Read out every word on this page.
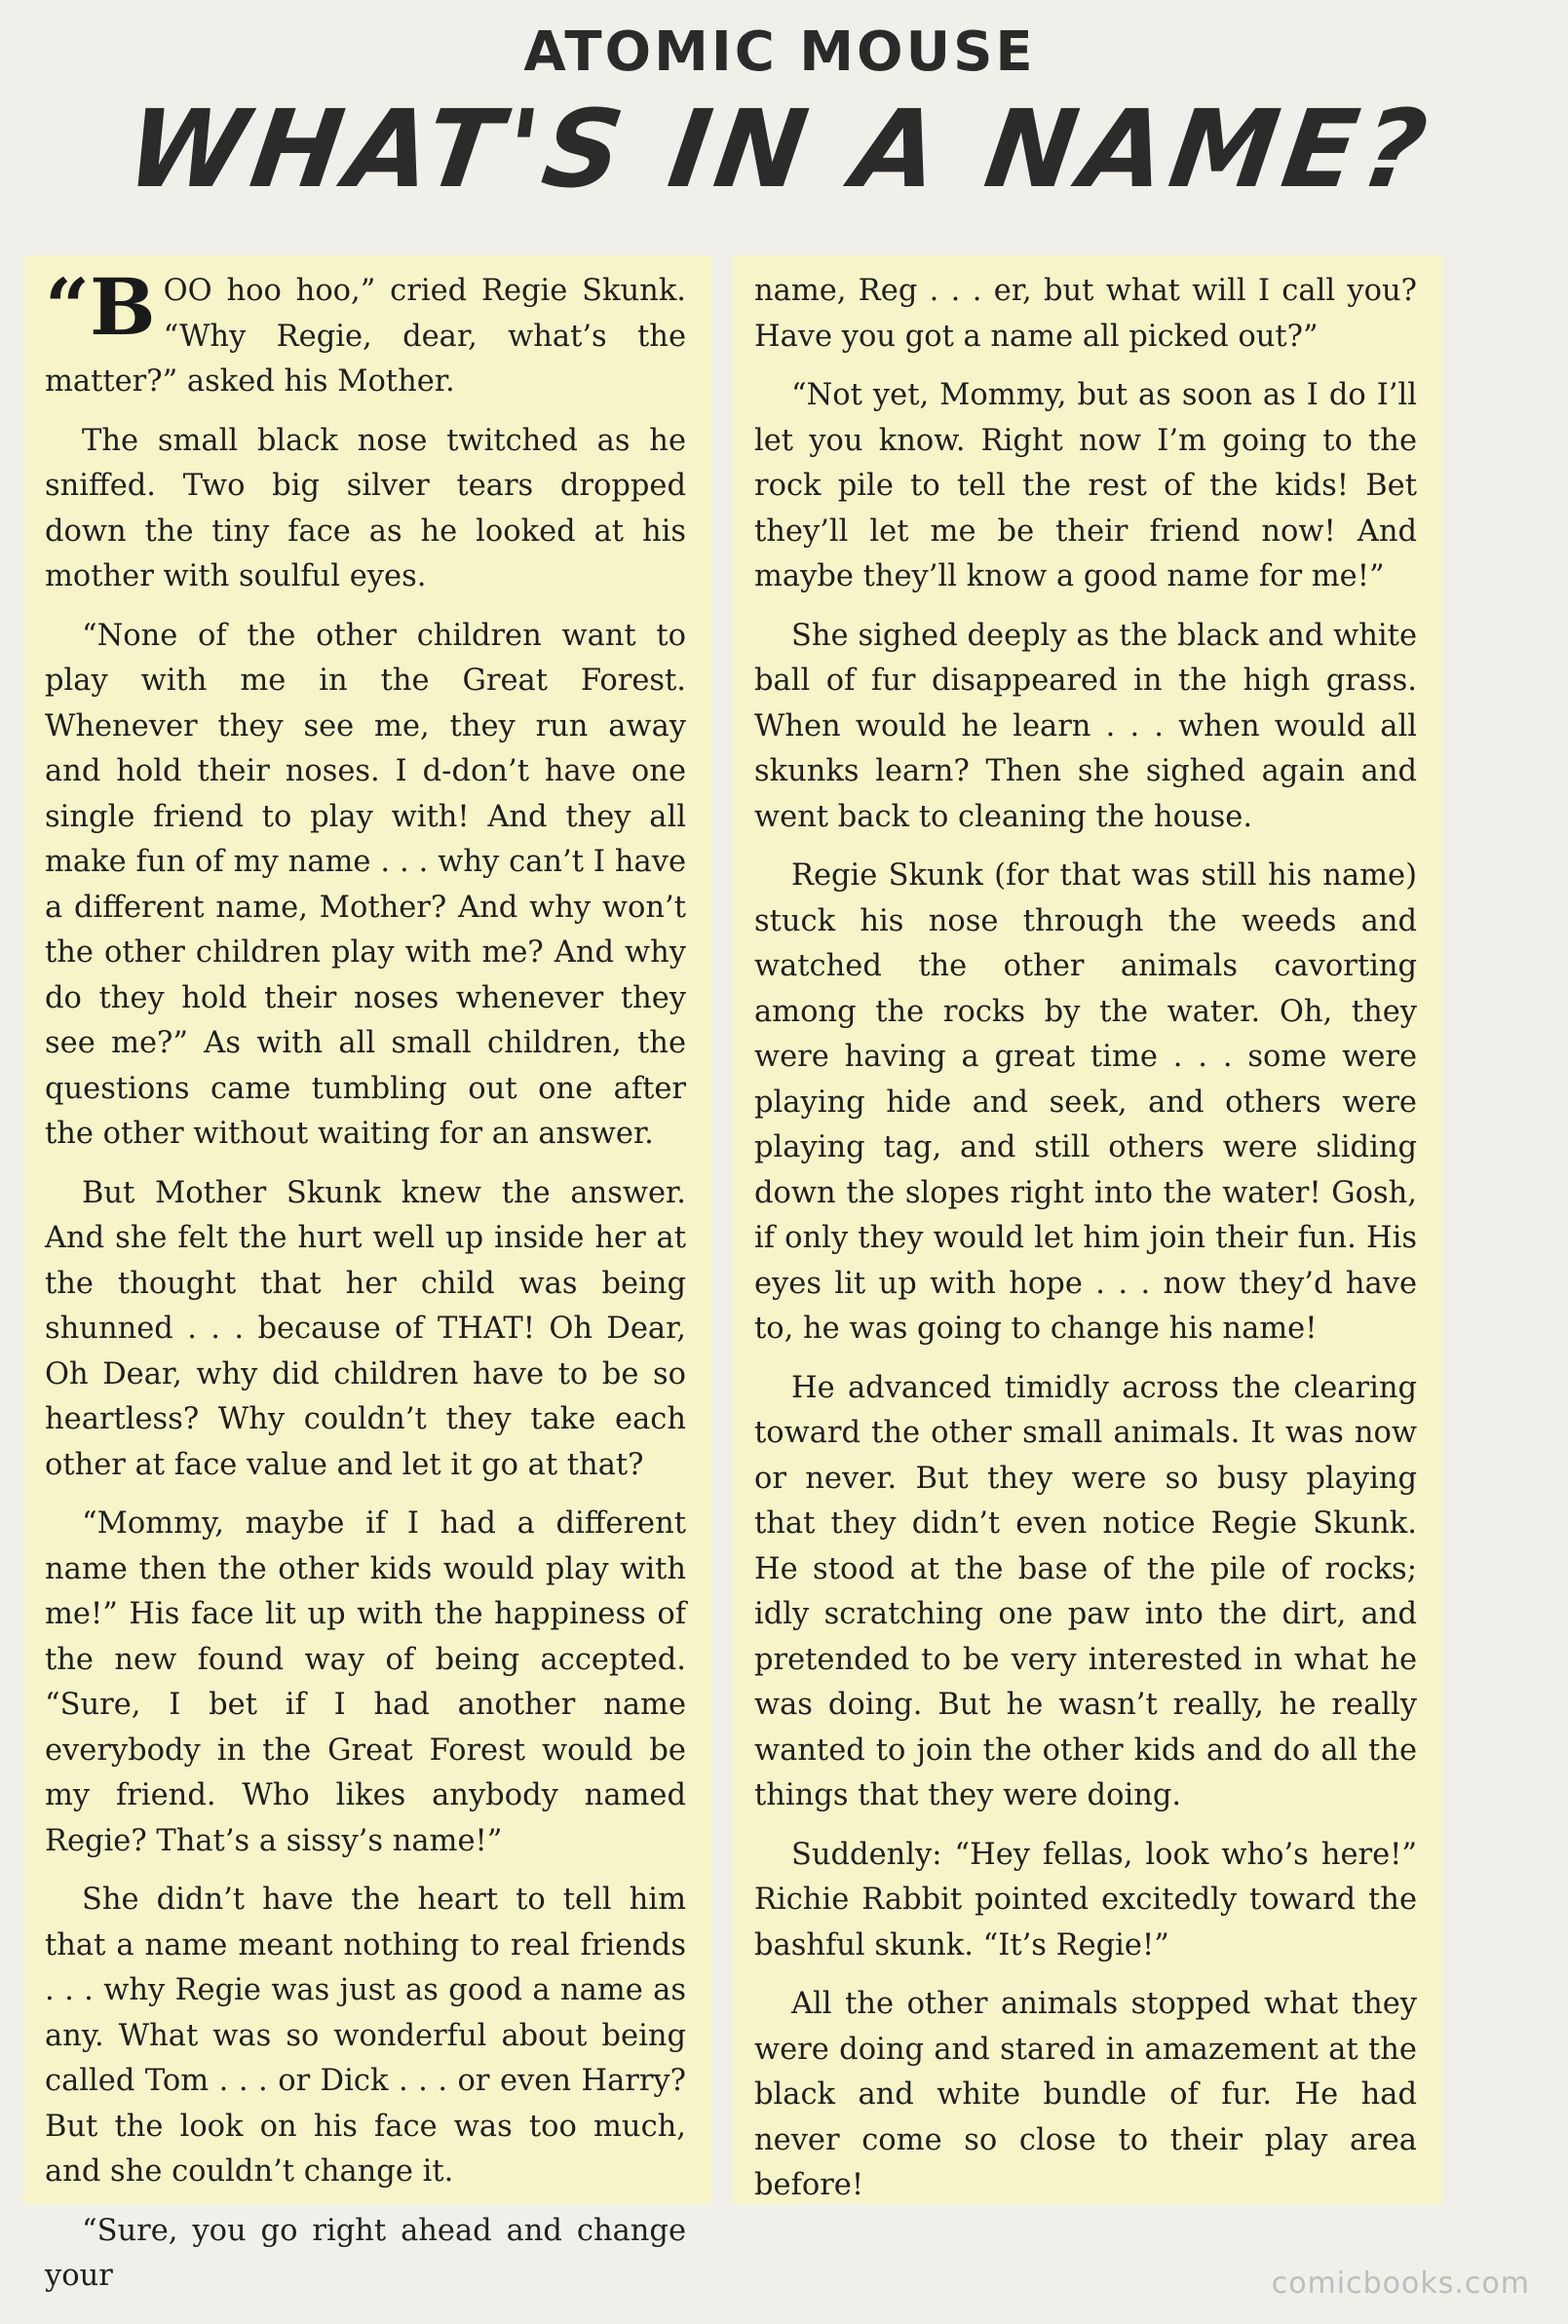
ATOMIC MOUSE
WHAT'S IN A NAME?

“BOO hoo hoo,” cried Regie Skunk. “Why Regie, dear, what’s the matter?” asked his Mother.

The small black nose twitched as he sniffed. Two big silver tears dropped down the tiny face as he looked at his mother with soulful eyes.

“None of the other children want to play with me in the Great Forest. Whenever they see me, they run away and hold their noses. I d-don’t have one single friend to play with! And they all make fun of my name . . . why can’t I have a different name, Mother? And why won’t the other children play with me? And why do they hold their noses whenever they see me?” As with all small children, the questions came tumbling out one after the other without waiting for an answer.

But Mother Skunk knew the answer. And she felt the hurt well up inside her at the thought that her child was being shunned . . . because of THAT! Oh Dear, Oh Dear, why did children have to be so heartless? Why couldn’t they take each other at face value and let it go at that?

“Mommy, maybe if I had a different name then the other kids would play with me!” His face lit up with the happiness of the new found way of being accepted. “Sure, I bet if I had another name everybody in the Great Forest would be my friend. Who likes anybody named Regie? That’s a sissy’s name!”

She didn’t have the heart to tell him that a name meant nothing to real friends . . . why Regie was just as good a name as any. What was so wonderful about being called Tom . . . or Dick . . . or even Harry? But the look on his face was too much, and she couldn’t change it.

“Sure, you go right ahead and change your

name, Reg . . . er, but what will I call you? Have you got a name all picked out?”

“Not yet, Mommy, but as soon as I do I’ll let you know. Right now I’m going to the rock pile to tell the rest of the kids! Bet they’ll let me be their friend now! And maybe they’ll know a good name for me!”

She sighed deeply as the black and white ball of fur disappeared in the high grass. When would he learn . . . when would all skunks learn? Then she sighed again and went back to cleaning the house.

Regie Skunk (for that was still his name) stuck his nose through the weeds and watched the other animals cavorting among the rocks by the water. Oh, they were having a great time . . . some were playing hide and seek, and others were playing tag, and still others were sliding down the slopes right into the water! Gosh, if only they would let him join their fun. His eyes lit up with hope . . . now they’d have to, he was going to change his name!

He advanced timidly across the clearing toward the other small animals. It was now or never. But they were so busy playing that they didn’t even notice Regie Skunk. He stood at the base of the pile of rocks; idly scratching one paw into the dirt, and pretended to be very interested in what he was doing. But he wasn’t really, he really wanted to join the other kids and do all the things that they were doing.

Suddenly: “Hey fellas, look who’s here!” Richie Rabbit pointed excitedly toward the bashful skunk. “It’s Regie!”

All the other animals stopped what they were doing and stared in amazement at the black and white bundle of fur. He had never come so close to their play area before!

comicbooks.com
